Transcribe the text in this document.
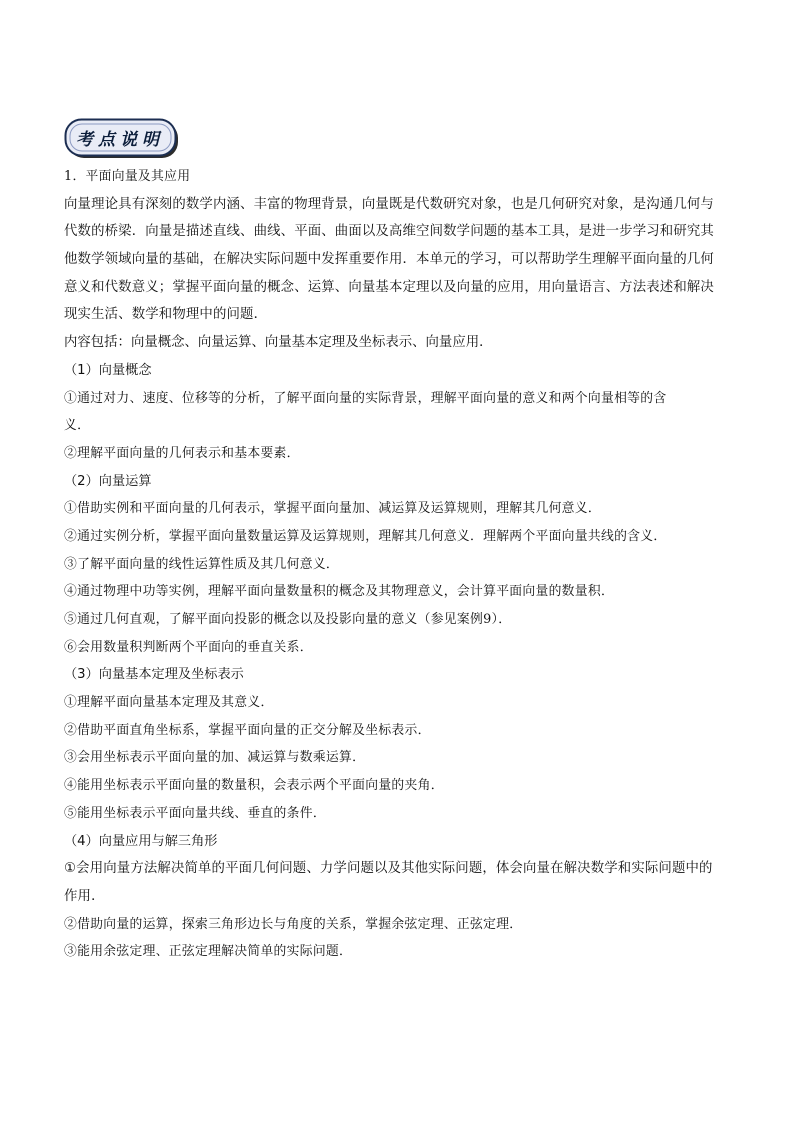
考点说明
1．平面向量及其应用
向量理论具有深刻的数学内涵、丰富的物理背景，向量既是代数研究对象，也是几何研究对象，是沟通几何与
代数的桥梁．向量是描述直线、曲线、平面、曲面以及高维空间数学问题的基本工具，是进一步学习和研究其
他数学领域向量的基础，在解决实际问题中发挥重要作用．本单元的学习，可以帮助学生理解平面向量的几何
意义和代数意义；掌握平面向量的概念、运算、向量基本定理以及向量的应用，用向量语言、方法表述和解决
现实生活、数学和物理中的问题．
内容包括：向量概念、向量运算、向量基本定理及坐标表示、向量应用．
（1）向量概念
①通过对力、速度、位移等的分析，了解平面向量的实际背景，理解平面向量的意义和两个向量相等的含
义．
②理解平面向量的几何表示和基本要素．
（2）向量运算
①借助实例和平面向量的几何表示，掌握平面向量加、减运算及运算规则，理解其几何意义．
②通过实例分析，掌握平面向量数量运算及运算规则，理解其几何意义．理解两个平面向量共线的含义．
③了解平面向量的线性运算性质及其几何意义．
④通过物理中功等实例，理解平面向量数量积的概念及其物理意义，会计算平面向量的数量积．
⑤通过几何直观，了解平面向投影的概念以及投影向量的意义（参见案例9）．
⑥会用数量积判断两个平面向的垂直关系．
（3）向量基本定理及坐标表示
①理解平面向量基本定理及其意义．
②借助平面直角坐标系，掌握平面向量的正交分解及坐标表示．
③会用坐标表示平面向量的加、减运算与数乘运算．
④能用坐标表示平面向量的数量积，会表示两个平面向量的夹角．
⑤能用坐标表示平面向量共线、垂直的条件．
（4）向量应用与解三角形
①会用向量方法解决简单的平面几何问题、力学问题以及其他实际问题，体会向量在解决数学和实际问题中的
作用．
②借助向量的运算，探索三角形边长与角度的关系，掌握余弦定理、正弦定理．
③能用余弦定理、正弦定理解决简单的实际问题．
